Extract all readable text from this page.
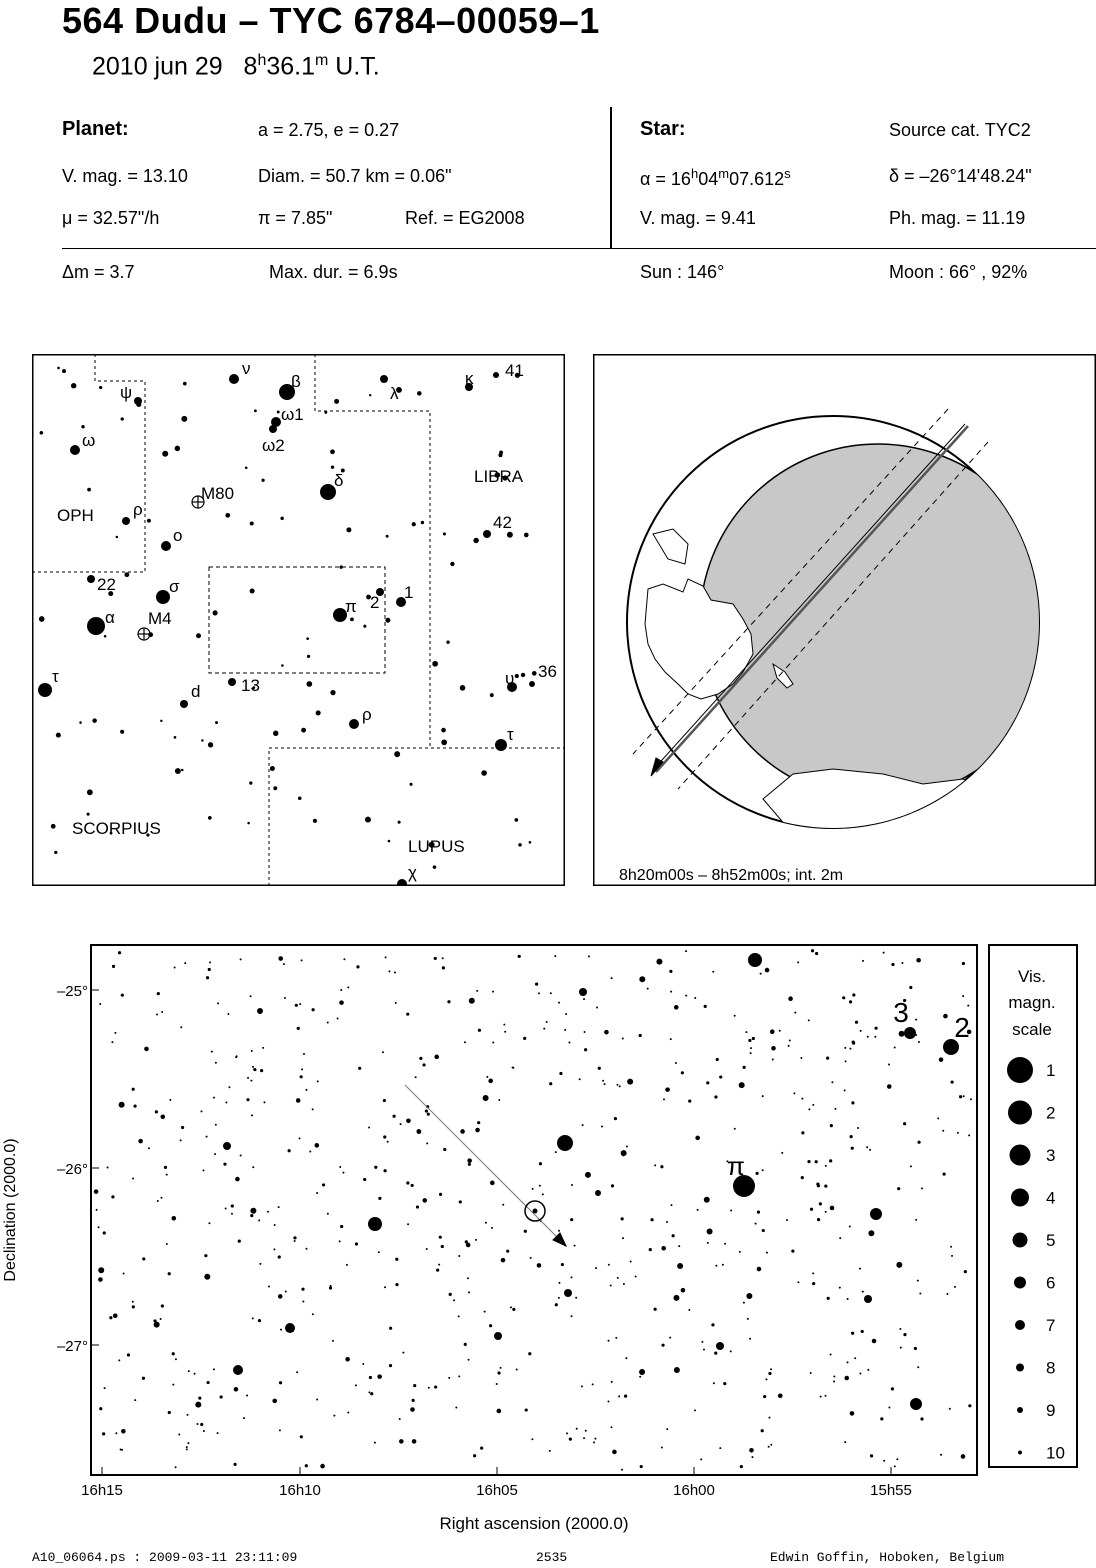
564 Dudu – TYC 6784–00059–1
2010 jun 29 8$^h$36.1$^m$ U.T.
Planet:	a = 2.75, e = 0.27
V. mag. = 13.10	Diam. = 50.7 km = 0.06"
μ = 32.57"/h	π = 7.85"	Ref. = EG2008
Star:	Source cat. TYC2
$\alpha = 16^h04^m07.612^s$	δ = –26°14'48.24"
V. mag. = 9.41	Ph. mag. = 11.19
Δm = 3.7	Max. dur. = 6.9s	Sun : 146°	Moon : 66° , 92%
ν
β
ψ
ω1
ω2
λ
κ 41
ω
δ
M80
LIBRA
OPH ρ
42
o
22	σ
π 2
1
α M4
τ
d 13	υ 36
ρ
τ
SCORPIUS
LUPUS
χ	8h20m00s – 8h52m00s; int. 2m
–25°
–26°
–27°
16h15	16h10	16h05	16h00	15h55
Right ascension (2000.0)
Declination (2000.0)	π
3 2
Vis.
magn.
scale
1
2
3
4
5
6
7
8
9
10
A10_06064.ps : 2009-03-11 23:11:09	2535	Edwin Goffin, Hoboken, Belgium
